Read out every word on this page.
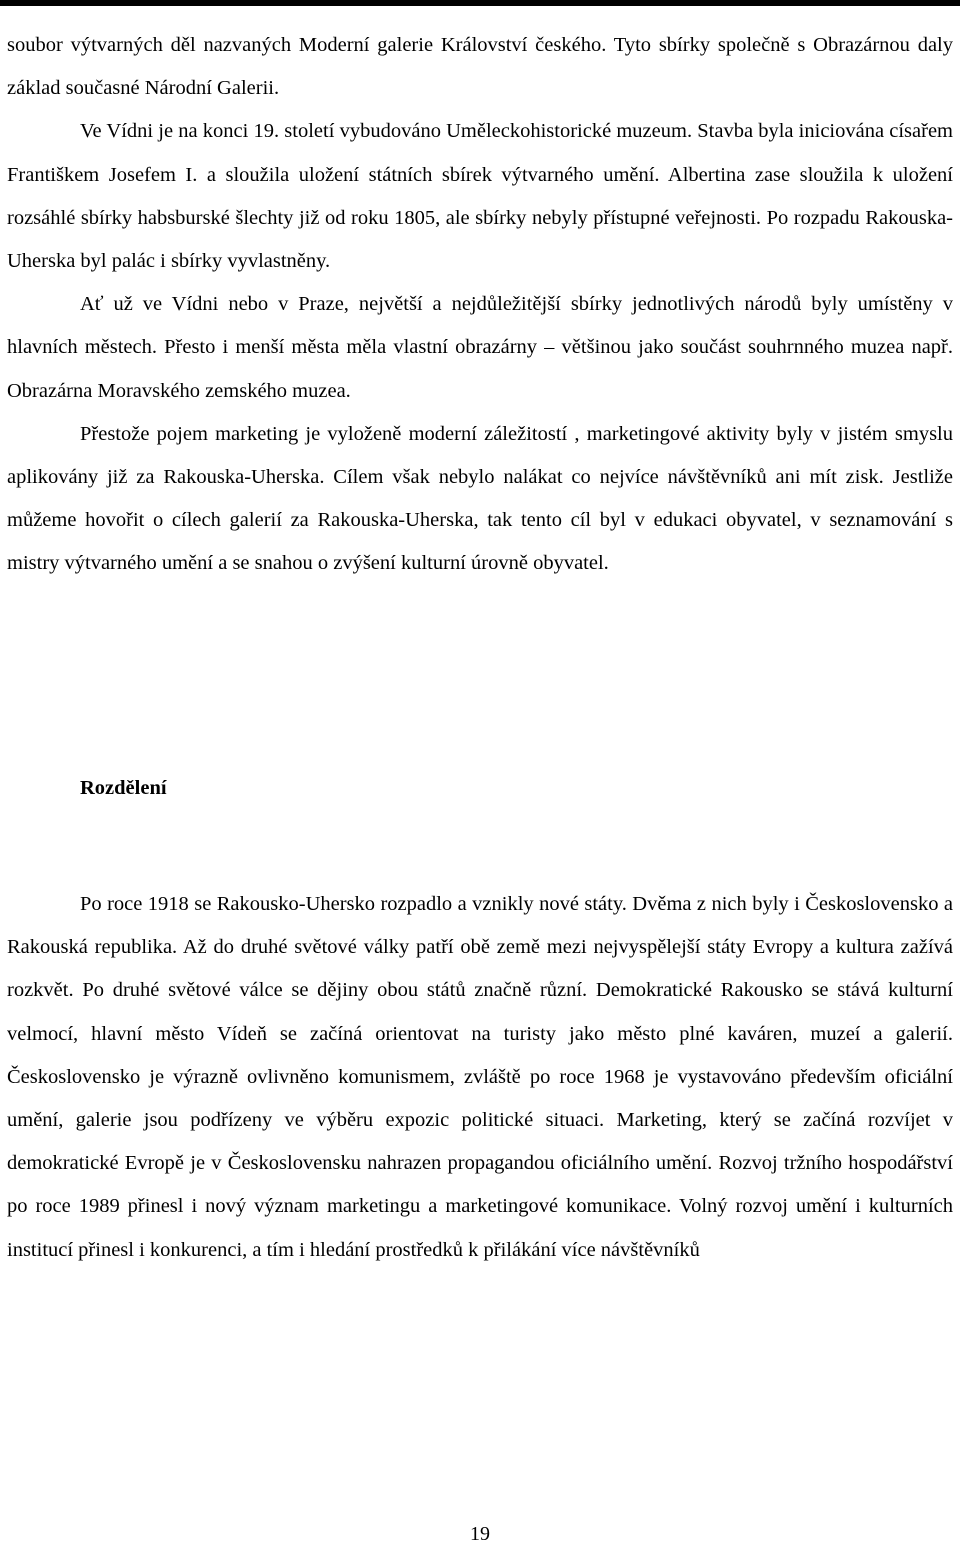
soubor výtvarných děl nazvaných Moderní galerie Království českého. Tyto sbírky společně s Obrazárnou daly základ současné Národní Galerii.

Ve Vídni je na konci 19. století vybudováno Uměleckohistorické muzeum. Stavba byla iniciována císařem Františkem Josefem I. a sloužila uložení státních sbírek výtvarného umění. Albertina zase sloužila k uložení rozsáhlé sbírky habsburské šlechty již od roku 1805, ale sbírky nebyly přístupné veřejnosti. Po rozpadu Rakouska-Uherska byl palác i sbírky vyvlastněny.

Ať už ve Vídni nebo v Praze, největší a nejdůležitější sbírky jednotlivých národů byly umístěny v hlavních městech. Přesto i menší města měla vlastní obrazárny – většinou jako součást souhrnného muzea např. Obrazárna Moravského zemského muzea.

Přestože pojem marketing je vyloženě moderní záležitostí , marketingové aktivity byly v jistém smyslu aplikovány již za Rakouska-Uherska. Cílem však nebylo nalákat co nejvíce návštěvníků ani mít zisk. Jestliže můžeme hovořit o cílech galerií za Rakouska-Uherska, tak tento cíl byl v edukaci obyvatel, v seznamování s mistry výtvarného umění a se snahou o zvýšení kulturní úrovně obyvatel.

Rozdělení

Po roce 1918 se Rakousko-Uhersko rozpadlo a vznikly nové státy. Dvěma z nich byly i Československo a Rakouská republika. Až do druhé světové války patří obě země mezi nejvyspělejší státy Evropy a kultura zažívá rozkvět. Po druhé světové válce se dějiny obou států značně různí. Demokratické Rakousko se stává kulturní velmocí, hlavní město Vídeň se začíná orientovat na turisty jako město plné kaváren, muzeí a galerií. Československo je výrazně ovlivněno komunismem, zvláště po roce 1968 je vystavováno především oficiální umění, galerie jsou podřízeny ve výběru expozic politické situaci. Marketing, který se začíná rozvíjet v demokratické Evropě je v Československu nahrazen propagandou oficiálního umění. Rozvoj tržního hospodářství po roce 1989 přinesl i nový význam marketingu a marketingové komunikace. Volný rozvoj umění i kulturních institucí přinesl i konkurenci, a tím i hledání prostředků k přilákání více návštěvníků

19
